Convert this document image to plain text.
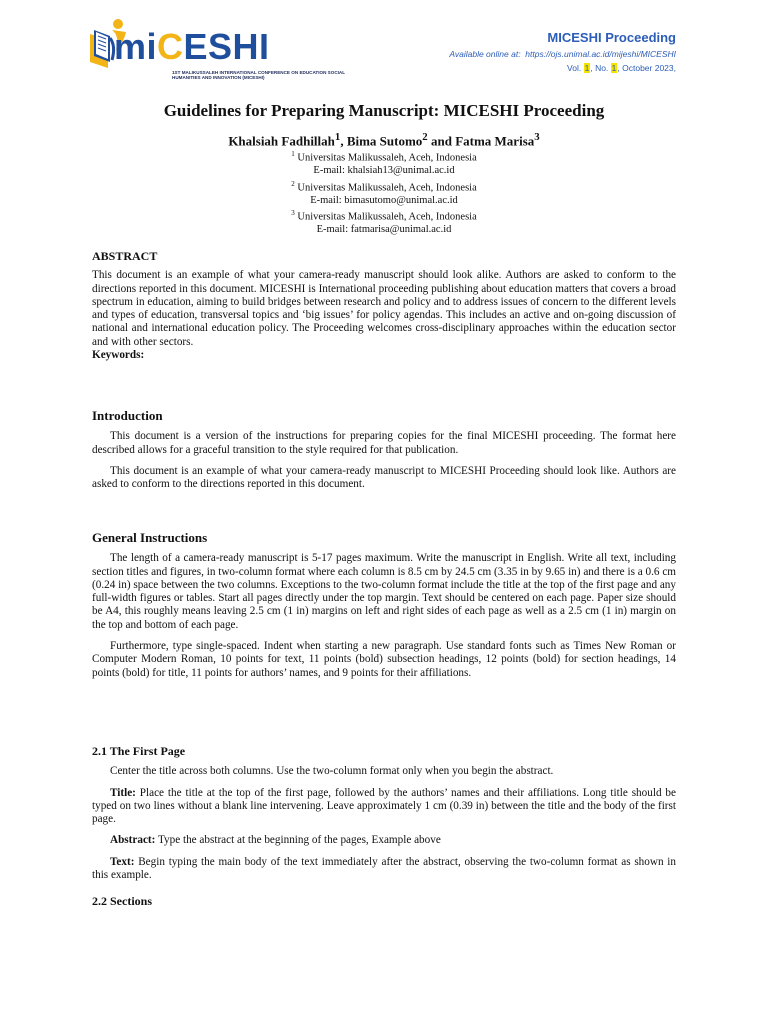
miCESHI
1ST MALIKUSSALEH INTERNATIONAL CONFERENCE ON EDUCATION SOCIAL HUMANITIES AND INNOVATION (MICESHI)
MICESHI Proceeding
Available online at: https://ojs.unimal.ac.id/mijeshi/MICESHI
Vol. 1, No. 1, October 2023,
Guidelines for Preparing Manuscript: MICESHI Proceeding
Khalsiah Fadhillah$^1$, Bima Sutomo$^2$ and Fatma Marisa$^3$
$^1$ Universitas Malikussaleh, Aceh, Indonesia
E-mail: khalsiah13@unimal.ac.id
$^2$ Universitas Malikussaleh, Aceh, Indonesia
E-mail: bimasutomo@unimal.ac.id
$^3$ Universitas Malikussaleh, Aceh, Indonesia
E-mail: fatmarisa@unimal.ac.id
ABSTRACT

This document is an example of what your camera-ready manuscript should look alike. Authors are asked to conform to the directions reported in this document. MICESHI is International proceeding publishing about education matters that covers a broad spectrum in education, aiming to build bridges between research and policy and to address issues of concern to the different levels and types of education, transversal topics and ‘big issues’ for policy agendas. This includes an active and on-going discussion of national and international education policy. The Proceeding welcomes cross-disciplinary approaches within the education sector and with other sectors.

Keywords:

Introduction

This document is a version of the instructions for preparing copies for the final MICESHI proceeding. The format here described allows for a graceful transition to the style required for that publication.

This document is an example of what your camera-ready manuscript to MICESHI Proceeding should look like. Authors are asked to conform to the directions reported in this document.

General Instructions

The length of a camera-ready manuscript is 5-17 pages maximum. Write the manuscript in English. Write all text, including section titles and figures, in two-column format where each column is 8.5 cm by 24.5 cm (3.35 in by 9.65 in) and there is a 0.6 cm (0.24 in) space between the two columns. Exceptions to the two-column format include the title at the top of the first page and any full-width figures or tables. Start all pages directly under the top margin. Text should be centered on each page. Paper size should be A4, this roughly means leaving 2.5 cm (1 in) margins on left and right sides of each page as well as a 2.5 cm (1 in) margin on the top and bottom of each page.

Furthermore, type single-spaced. Indent when starting a new paragraph. Use standard fonts such as Times New Roman or Computer Modern Roman, 10 points for text, 11 points (bold) subsection headings, 12 points (bold) for section headings, 14 points (bold) for title, 11 points for authors’ names, and 9 points for their affiliations.

2.1 The First Page

Center the title across both columns. Use the two-column format only when you begin the abstract.

Title: Place the title at the top of the first page, followed by the authors’ names and their affiliations. Long title should be typed on two lines without a blank line intervening. Leave approximately 1 cm (0.39 in) between the title and the body of the first page.

Abstract: Type the abstract at the beginning of the pages, Example above

Text: Begin typing the main body of the text immediately after the abstract, observing the two-column format as shown in this example.

2.2 Sections
